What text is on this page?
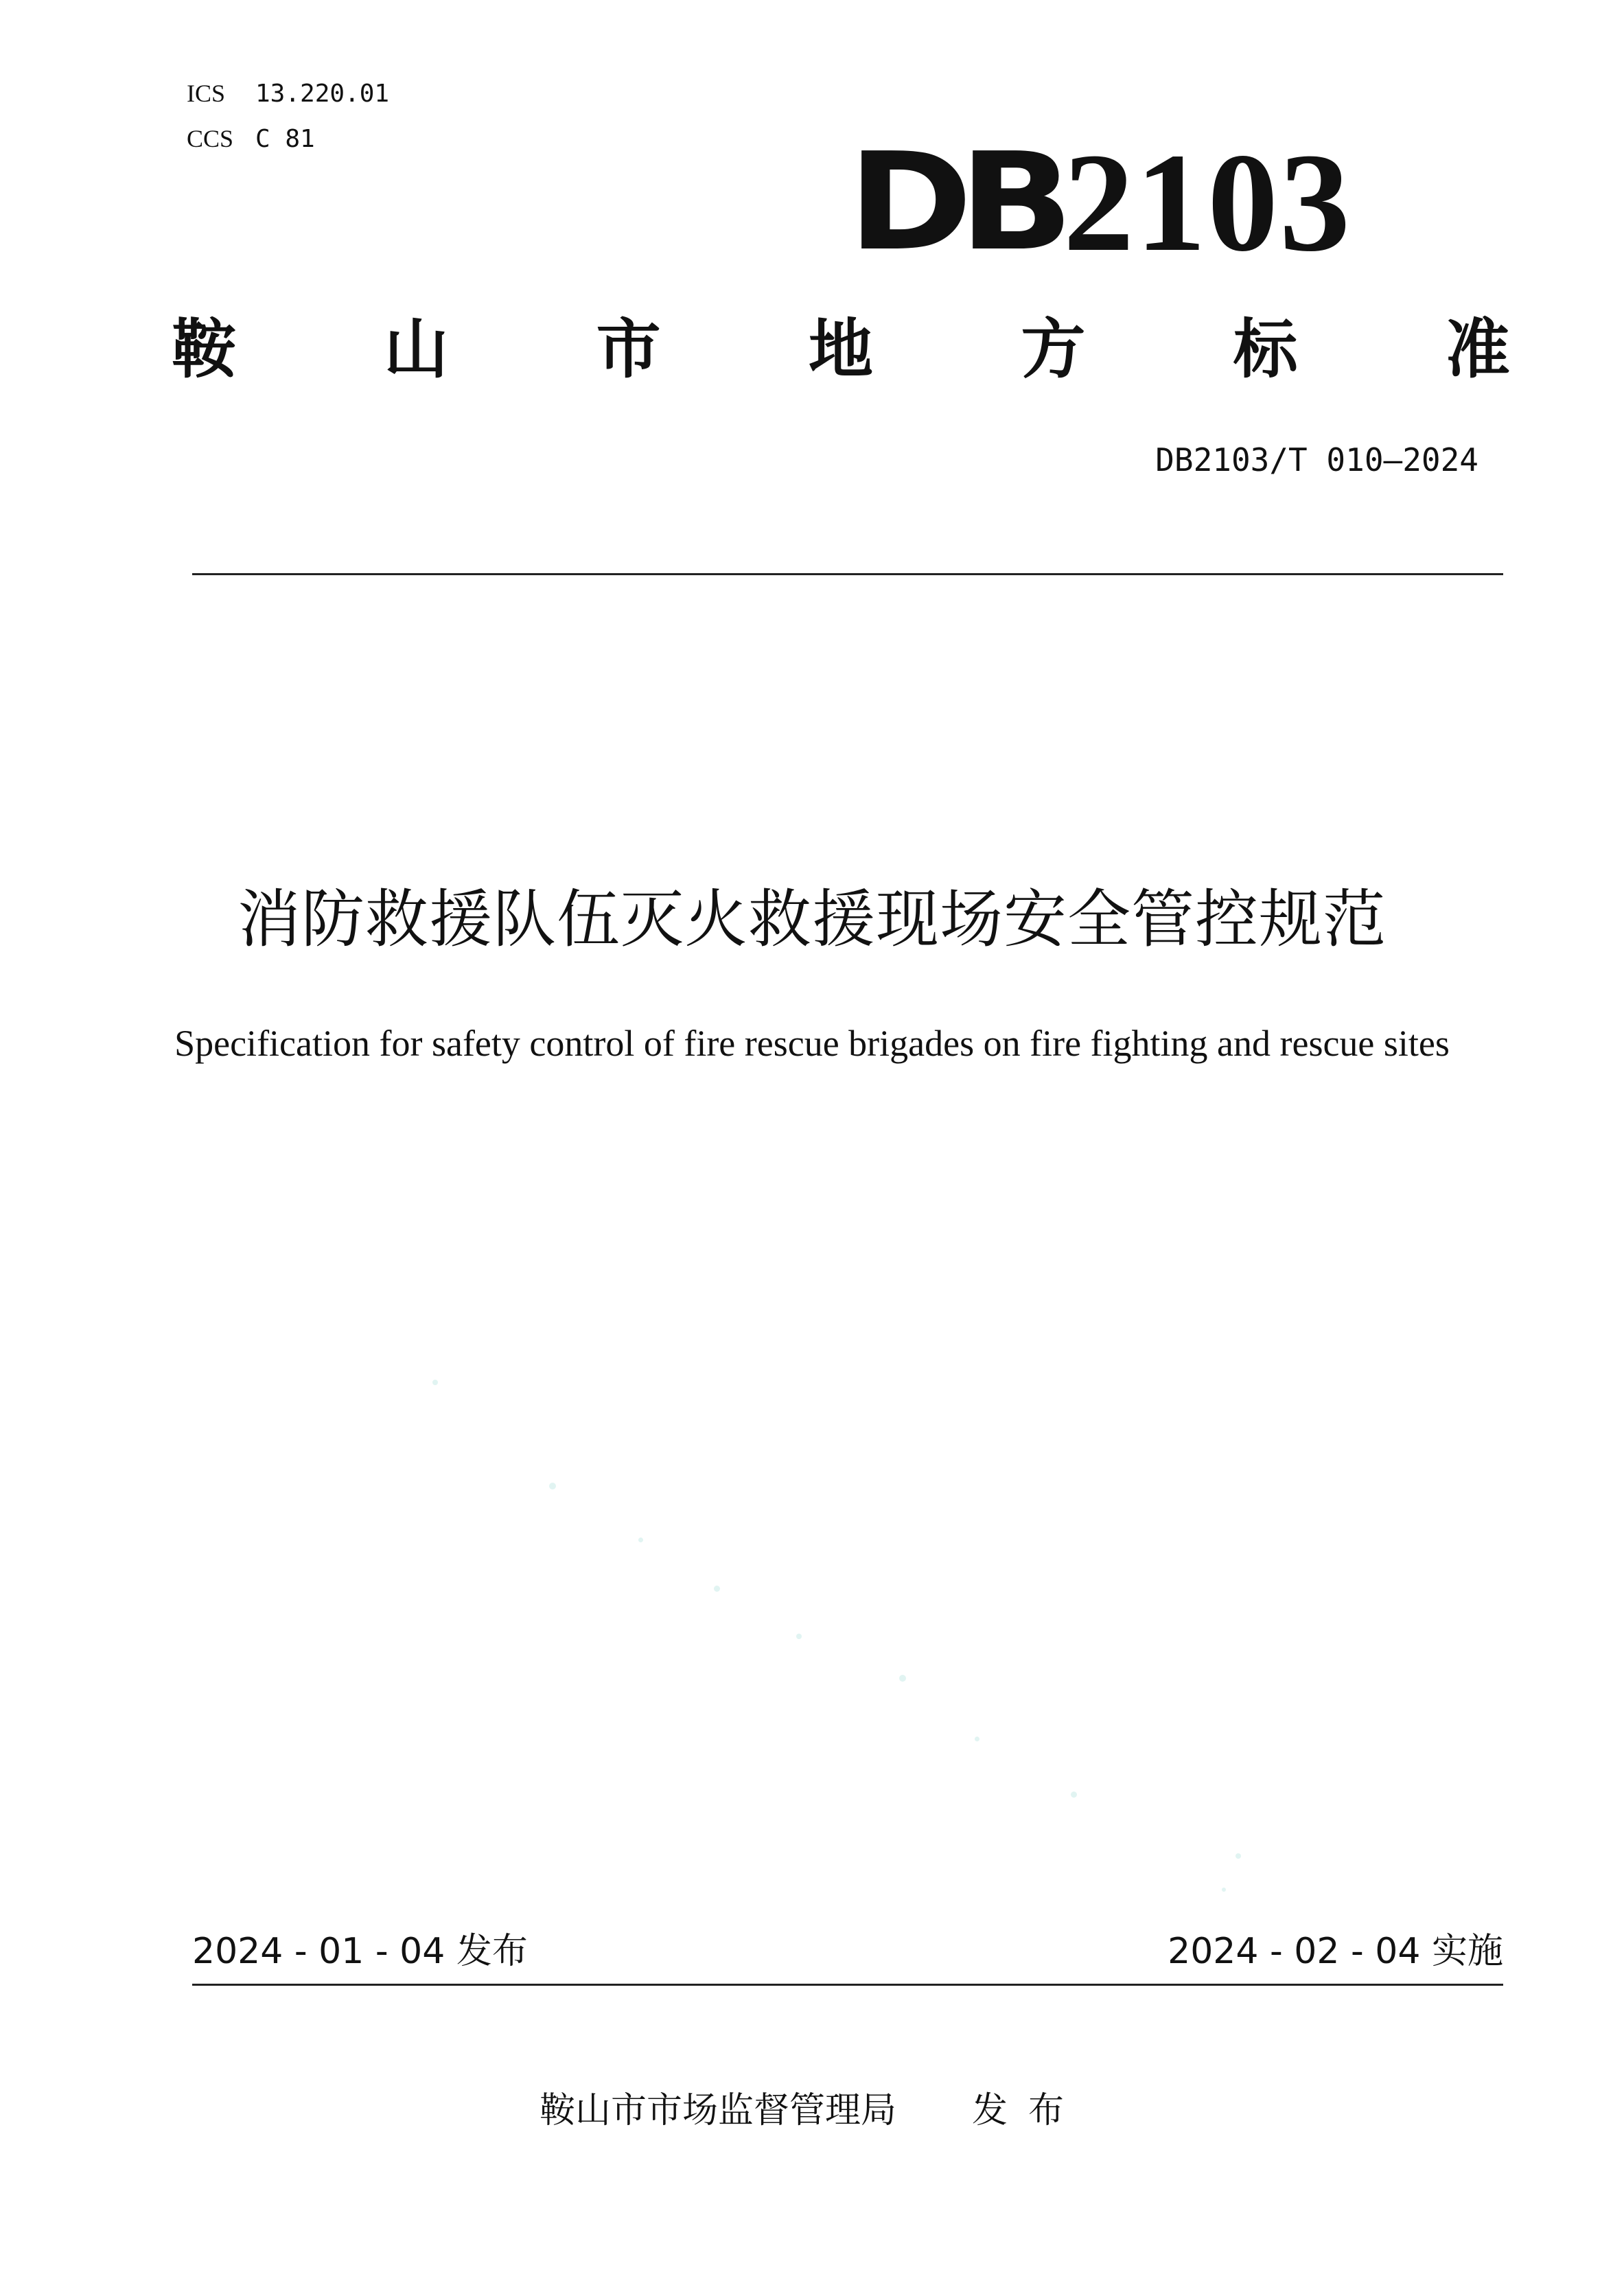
ICS 13.220.01
CCS C 81	DB 2103
鞍 山 市 地 方 标 准
DB2103/T 010—2024
消防救援队伍灭火救援现场安全管控规范
Specification for safety control of fire rescue brigades on fire fighting and rescue sites
2024 - 01 - 04 发布	2024 - 02 - 04 实施
鞍山市市场监督管理局 发布
